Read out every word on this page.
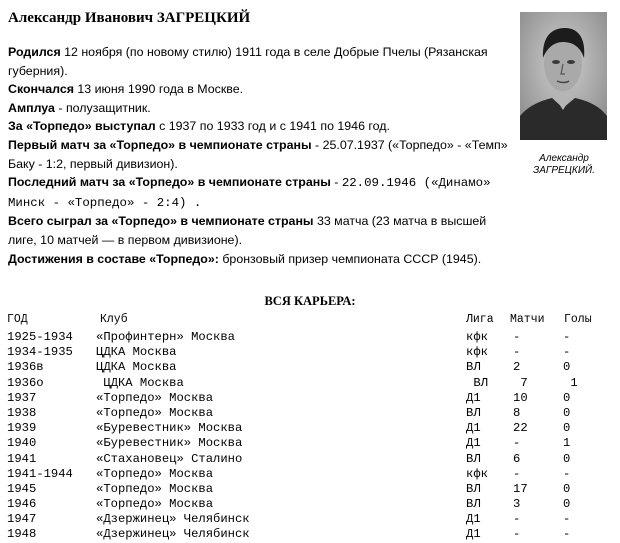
Александр Иванович ЗАГРЕЦКИЙ

Родился 12 ноября (по новому стилю) 1911 года в селе Добрые Пчелы (Рязанская губерния).

Скончался 13 июня 1990 года в Москве.

Амплуа - полузащитник.

За «Торпедо» выступал с 1937 по 1933 год и с 1941 по 1946 год.

Первый матч за «Торпедо» в чемпионате страны - 25.07.1937 («Торпедо» - «Темп» Баку - 1:2, первый дивизион).

Последний матч за «Торпедо» в чемпионате страны - 22.09.1946 («Динамо» Минск - «Торпедо» - 2:4) .

Всего сыграл за «Торпедо» в чемпионате страны 33 матча (23 матча в высшей лиге, 10 матчей — в первом дивизионе).

Достижения в составе «Торпедо»: бронзовый призер чемпионата СССР (1945).

Александр
ЗАГРЕЦКИЙ.
ВСЯ КАРЬЕРА:
ГОД	Клуб	Лига Матчи Голы
1925-1934 «Профинтерн» Москва	кфк -	-
1934-1935 ЦДКА Москва	кфк -	-
1936в	ЦДКА Москва	ВЛ	2	0
1936о	ЦДКА Москва	ВЛ 7	1
1937	«Торпедо» Москва	Д1	10	0
1938	«Торпедо» Москва	ВЛ	8	0
1939	«Буревестник» Москва	Д1	22	0
1940	«Буревестник» Москва	Д1	-	1
1941	«Стахановец» Сталино	ВЛ	6	0
1941-1944 «Торпедо» Москва	кфк -	-
1945	«Торпедо» Москва	ВЛ	17	0
1946	«Торпедо» Москва	ВЛ	3	0
1947	«Дзержинец» Челябинск	Д1	-	-
1948	«Дзержинец» Челябинск	Д1	-	-
